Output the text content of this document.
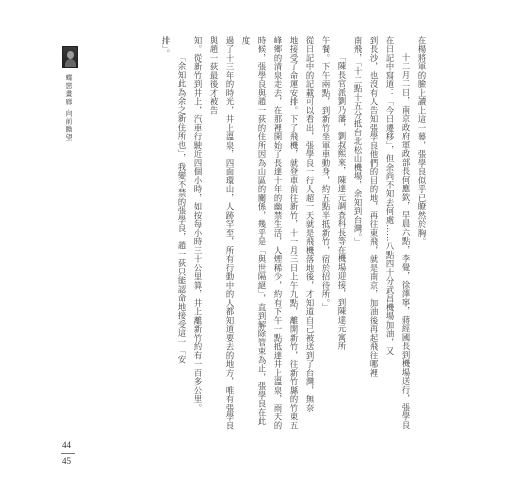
蝶戀畫廊 向前瞻望	在楊將軍的臉上讀上這一幕，張學良似乎已瞭然於胸。

十二月二日，南京政府軍政部長何應欽，早晨六點，李覺，徐澤寧，蔣經國長到機場送行，張學良

在日記中寫道：「今日遷移」，但余尚不知去何處……八點四十分武昌機場加油，又

到長沙，也沒有人告知張學良他們的目的地，再往東飛，就是南京，加油後再起飛往哪裡

南飛，「十二點十五分抵台北松山機場，余知到台灣。」

「陳長官派劉乃藩，劉叔熙來，陳達元調查科長等在機場迎接，到陳達元寓所

午餐。下午兩點，到新竹坐軍車動身，約五點半抵新竹，宿於招待所。」

從日記中的記載可以看出，張學良一行人超一天就是飛機落地後，才知道自己被送到了台灣，無奈

地接受了命運安排。下了飛機，就登車前往新竹，十一月三日上午九點，離開新竹，往新竹縣的竹東五

峰鄉的清泉走去，在那裡開始了長達十年的幽禁生活，人煙稀少，約有下午一點抵達井上溫泉，雨天的

時候，張學良與趙一荻的住所因為山區的關係，幾乎是「與世隔絕」，直到解除管束為止，張學良在此度

過了十三年的時光，井上溫泉，四面環山，人跡罕至，所有行動中的人都知道要去的地方，唯有張學良與趙一荻最後才被告

知。從新竹到井上，汽車行駛近四個小時，如按每小時三十公里算，井上離新竹約有一百多公里。

「余知此為余之新住所也」，我變不禁的張學良，趙一荻只能認命地接受這一「安

排」。

44
45
